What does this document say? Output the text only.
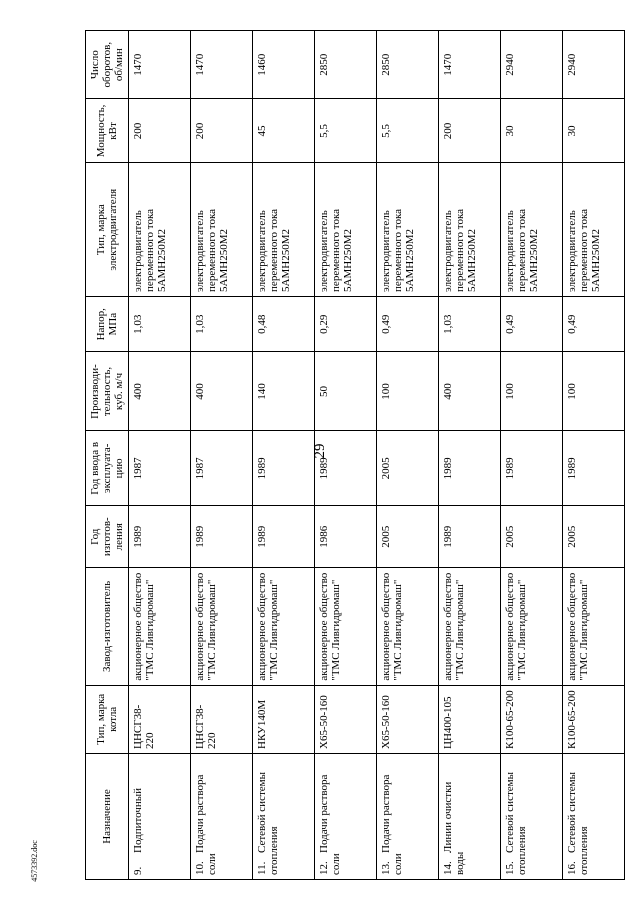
29
4573392.doc
Назначение	Тип, марка котла	Завод-изготовитель	Год изготов-ления	Год ввода в эксплуата-цию	Производи-тельность, куб. м/ч	Напор, МПа	Тип, марка электродвигателя	Мощность, кВт	Число оборотов, об/мин
9.Подпиточный	ЦНСГ38-220	акционерное общество "ТМС Ливгидромаш"	1989	1987	400	1,03	электродвигатель переменного тока 5АМН250М2	200	1470
10.Подачи раствора соли	ЦНСГ38-220	акционерное общество "ТМС Ливгидромаш"	1989	1987	400	1,03	электродвигатель переменного тока 5АМН250М2	200	1470
11.Сетевой системы отопления	НКУ140М	акционерное общество "ТМС Ливгидромаш"	1989	1989	140	0,48	электродвигатель переменного тока 5АМН250М2	45	1460
12.Подачи раствора соли	Х65-50-160	акционерное общество "ТМС Ливгидромаш"	1986	1989	50	0,29	электродвигатель переменного тока 5АМН250М2	5,5	2850
13.Подачи раствора соли	Х65-50-160	акционерное общество "ТМС Ливгидромаш"	2005	2005	100	0,49	электродвигатель переменного тока 5АМН250М2	5,5	2850
14.Линии очистки воды	ЦН400-105	акционерное общество "ТМС Ливгидромаш"	1989	1989	400	1,03	электродвигатель переменного тока 5АМН250М2	200	1470
15.Сетевой системы отопления	К100-65-200	акционерное общество "ТМС Ливгидромаш"	2005	1989	100	0,49	электродвигатель переменного тока 5АМН250М2	30	2940
16.Сетевой системы отопления	К100-65-200	акционерное общество "ТМС Ливгидромаш"	2005	1989	100	0,49	электродвигатель переменного тока 5АМН250М2	30	2940
